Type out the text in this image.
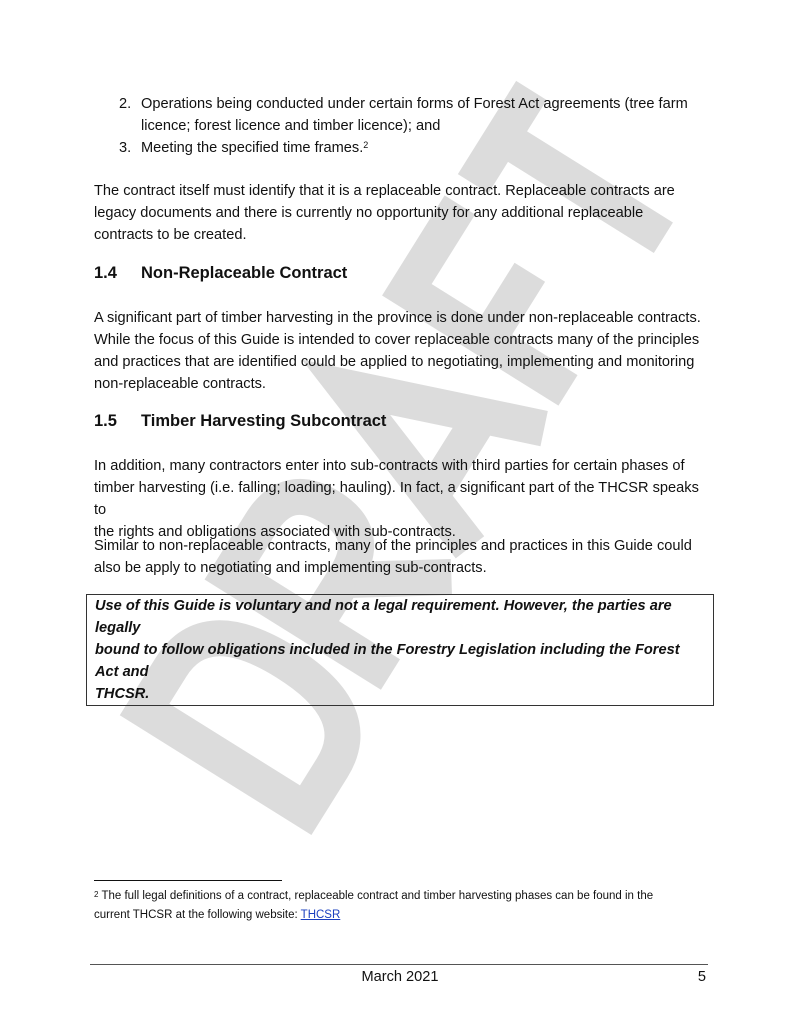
2. Operations being conducted under certain forms of Forest Act agreements (tree farm
licence; forest licence and timber licence); and
3. Meeting the specified time frames.$^2$
The contract itself must identify that it is a replaceable contract. Replaceable contracts are
legacy documents and there is currently no opportunity for any additional replaceable
contracts to be created.
1.4 Non-Replaceable Contract
A significant part of timber harvesting in the province is done under non-replaceable contracts.
While the focus of this Guide is intended to cover replaceable contracts many of the principles
and practices that are identified could be applied to negotiating, implementing and monitoring
non-replaceable contracts.
1.5 Timber Harvesting Subcontract
In addition, many contractors enter into sub-contracts with third parties for certain phases of
timber harvesting (i.e. falling; loading; hauling). In fact, a significant part of the THCSR speaks to
the rights and obligations associated with sub-contracts.
Similar to non-replaceable contracts, many of the principles and practices in this Guide could
also be apply to negotiating and implementing sub-contracts.
Use of this Guide is voluntary and not a legal requirement. However, the parties are legally
bound to follow obligations included in the Forestry Legislation including the Forest Act and
THCSR.
$^2$ The full legal definitions of a contract, replaceable contract and timber harvesting phases can be found in the
current THCSR at the following website: THCSR
March 2021	5
